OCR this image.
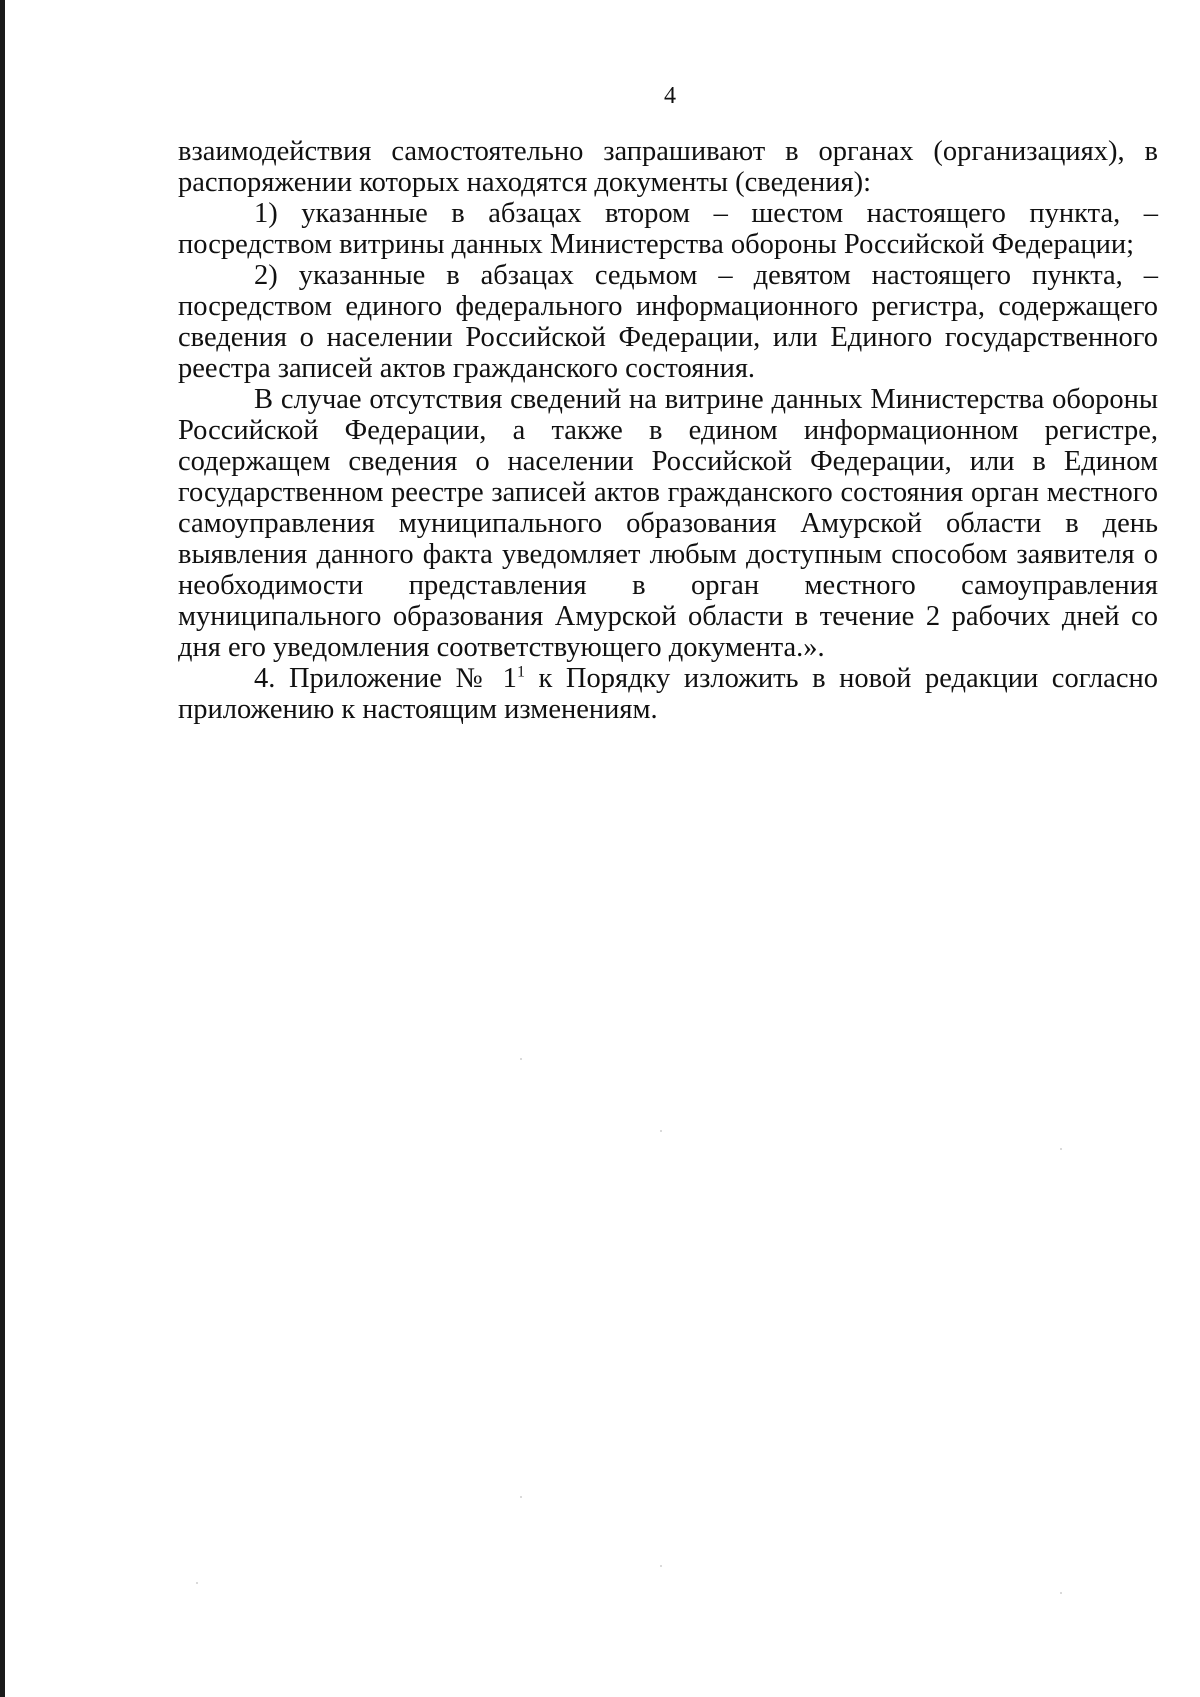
4

взаимодействия самостоятельно запрашивают в органах (организациях), в распоряжении которых находятся документы (сведения):

1) указанные в абзацах втором – шестом настоящего пункта, – посредством витрины данных Министерства обороны Российской Федерации;

2) указанные в абзацах седьмом – девятом настоящего пункта, – посредством единого федерального информационного регистра, содержащего сведения о населении Российской Федерации, или Единого государственного реестра записей актов гражданского состояния.

В случае отсутствия сведений на витрине данных Министерства обороны Российской Федерации, а также в едином информационном регистре, содержащем сведения о населении Российской Федерации, или в Едином государственном реестре записей актов гражданского состояния орган местного самоуправления муниципального образования Амурской области в день выявления данного факта уведомляет любым доступным способом заявителя о необходимости представления в орган местного самоуправления муниципального образования Амурской области в течение 2 рабочих дней со дня его уведомления соответствующего документа.».

4. Приложение № $1^1$ к Порядку изложить в новой редакции согласно приложению к настоящим изменениям.
